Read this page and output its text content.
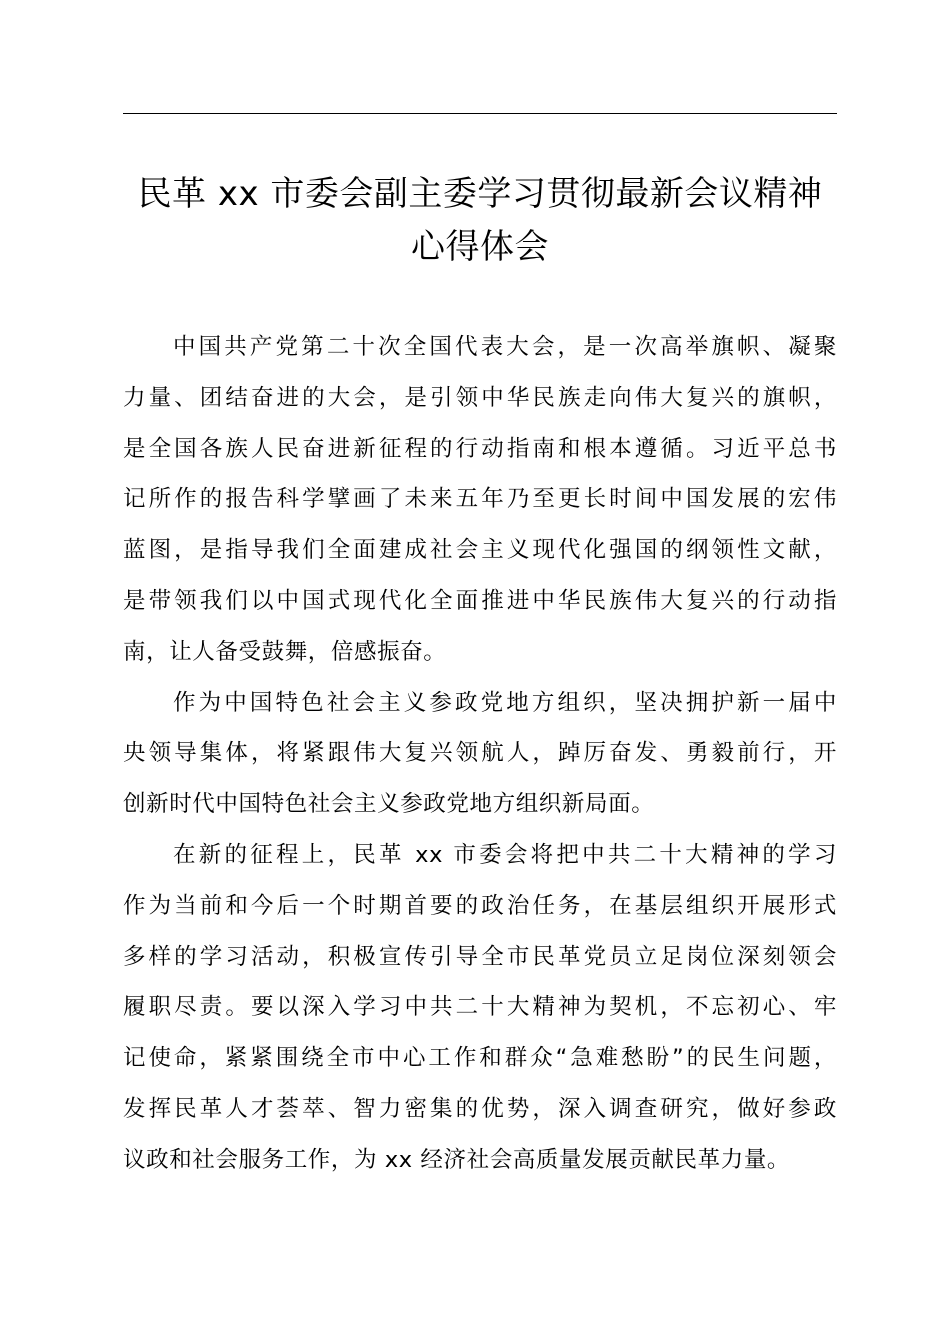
民革 xx 市委会副主委学习贯彻最新会议精神
心得体会

中国共产党第二十次全国代表大会，是一次高举旗帜、凝聚
力量、团结奋进的大会，是引领中华民族走向伟大复兴的旗帜，
是全国各族人民奋进新征程的行动指南和根本遵循。习近平总书
记所作的报告科学擘画了未来五年乃至更长时间中国发展的宏伟
蓝图，是指导我们全面建成社会主义现代化强国的纲领性文献，
是带领我们以中国式现代化全面推进中华民族伟大复兴的行动指
南，让人备受鼓舞，倍感振奋。

作为中国特色社会主义参政党地方组织，坚决拥护新一届中
央领导集体，将紧跟伟大复兴领航人，踔厉奋发、勇毅前行，开
创新时代中国特色社会主义参政党地方组织新局面。

在新的征程上，民革 xx 市委会将把中共二十大精神的学习
作为当前和今后一个时期首要的政治任务，在基层组织开展形式
多样的学习活动，积极宣传引导全市民革党员立足岗位深刻领会
履职尽责。要以深入学习中共二十大精神为契机，不忘初心、牢
记使命，紧紧围绕全市中心工作和群众“急难愁盼”的民生问题，
发挥民革人才荟萃、智力密集的优势，深入调查研究，做好参政
议政和社会服务工作，为 xx 经济社会高质量发展贡献民革力量。
